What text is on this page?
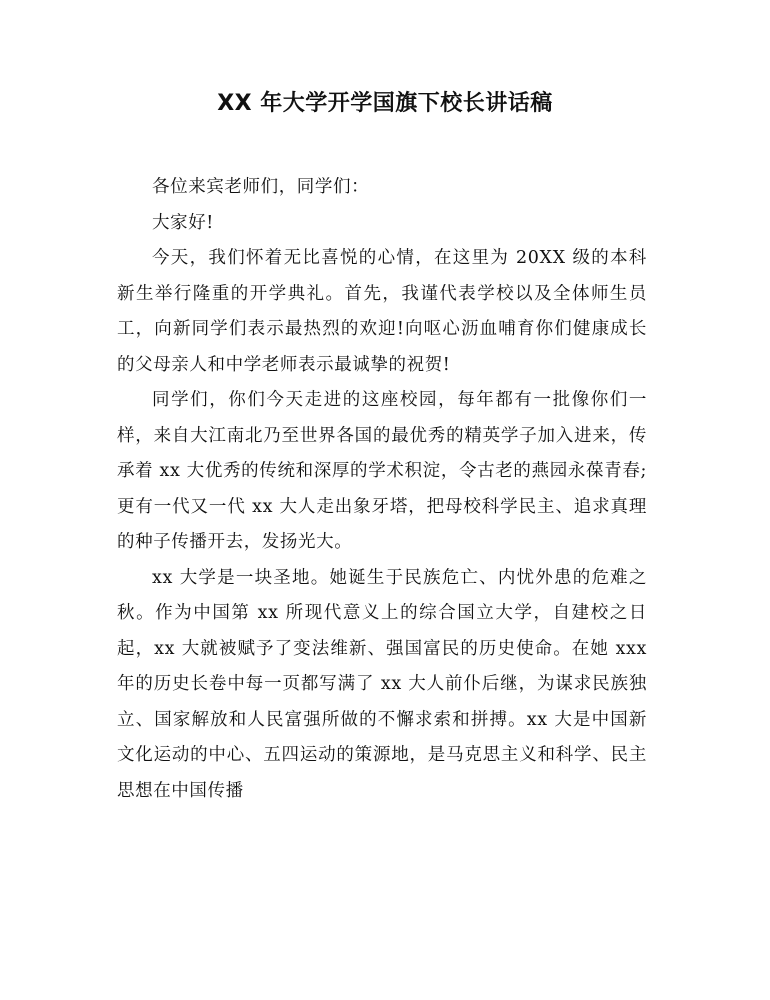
XX 年大学开学国旗下校长讲话稿

各位来宾老师们，同学们：

大家好!

今天，我们怀着无比喜悦的心情，在这里为 20XX 级的本科新生举行隆重的开学典礼。首先，我谨代表学校以及全体师生员工，向新同学们表示最热烈的欢迎!向呕心沥血哺育你们健康成长的父母亲人和中学老师表示最诚挚的祝贺!

同学们，你们今天走进的这座校园，每年都有一批像你们一样，来自大江南北乃至世界各国的最优秀的精英学子加入进来，传承着 xx 大优秀的传统和深厚的学术积淀，令古老的燕园永葆青春;更有一代又一代 xx 大人走出象牙塔，把母校科学民主、追求真理的种子传播开去，发扬光大。

xx 大学是一块圣地。她诞生于民族危亡、内忧外患的危难之秋。作为中国第 xx 所现代意义上的综合国立大学，自建校之日起，xx 大就被赋予了变法维新、强国富民的历史使命。在她 xxx 年的历史长卷中每一页都写满了 xx 大人前仆后继，为谋求民族独立、国家解放和人民富强所做的不懈求索和拼搏。xx 大是中国新文化运动的中心、五四运动的策源地，是马克思主义和科学、民主思想在中国传播
